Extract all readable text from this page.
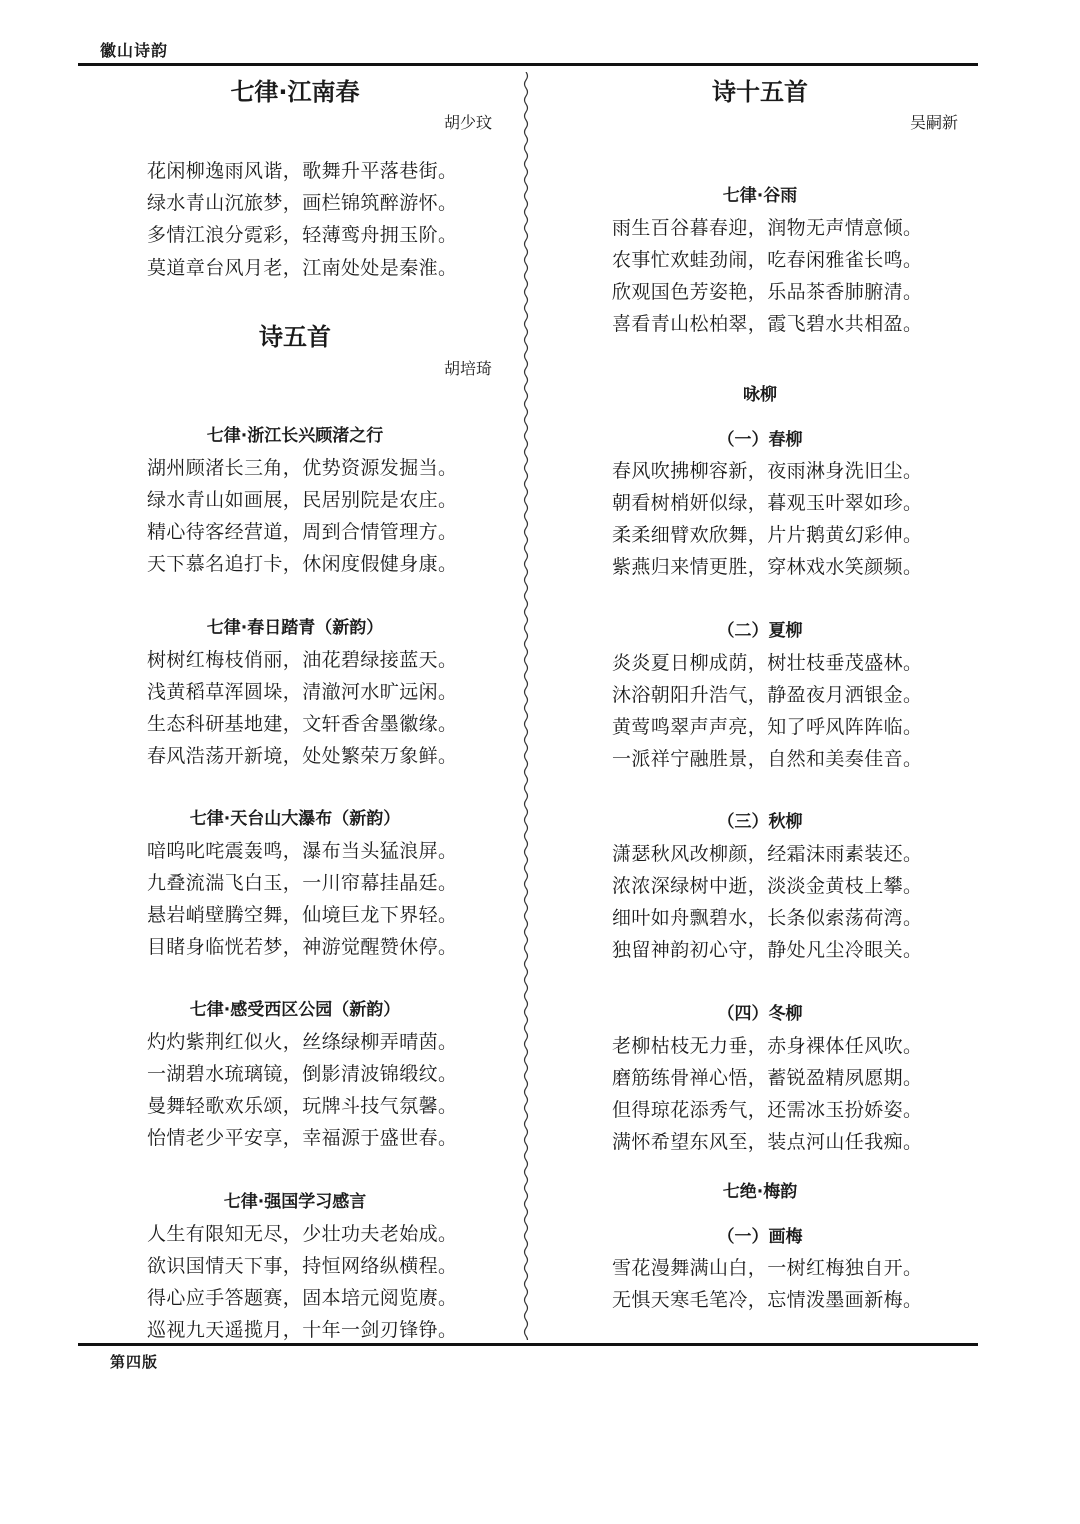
徽山诗韵
七律·江南春
胡少玟
花闲柳逸雨风谐，歌舞升平落巷街。
绿水青山沉旅梦，画栏锦筑醉游怀。
多情江浪分霓彩，轻薄鸾舟拥玉阶。
莫道章台风月老，江南处处是秦淮。
诗五首
胡培琦
七律·浙江长兴顾渚之行
湖州顾渚长三角，优势资源发掘当。
绿水青山如画展，民居别院是农庄。
精心待客经营道，周到合情管理方。
天下慕名追打卡，休闲度假健身康。
七律·春日踏青（新韵）
树树红梅枝俏丽，油花碧绿接蓝天。
浅黄稻草浑圆垛，清澈河水旷远闲。
生态科研基地建，文轩香舍墨徽缘。
春风浩荡开新境，处处繁荣万象鲜。
七律·天台山大瀑布（新韵）
喑呜叱咤震轰鸣，瀑布当头猛浪屏。
九叠流湍飞白玉，一川帘幕挂晶廷。
悬岩峭壁腾空舞，仙境巨龙下界轻。
目睹身临恍若梦，神游觉醒赞休停。
七律·感受西区公园（新韵）
灼灼紫荆红似火，丝绦绿柳弄晴茵。
一湖碧水琉璃镜，倒影清波锦缎纹。
曼舞轻歌欢乐颂，玩牌斗技气氛馨。
怡情老少平安享，幸福源于盛世春。
七律·强国学习感言
人生有限知无尽，少壮功夫老始成。
欲识国情天下事，持恒网络纵横程。
得心应手答题赛，固本培元阅览赓。
巡视九天遥揽月，十年一剑刃锋铮。
诗十五首
吴嗣新
七律·谷雨
雨生百谷暮春迎，润物无声情意倾。
农事忙欢蛙劲闹，吃春闲雅雀长鸣。
欣观国色芳姿艳，乐品茶香肺腑清。
喜看青山松柏翠，霞飞碧水共相盈。
咏柳
（一）春柳
春风吹拂柳容新，夜雨淋身洗旧尘。
朝看树梢妍似绿，暮观玉叶翠如珍。
柔柔细臂欢欣舞，片片鹅黄幻彩伸。
紫燕归来情更胜，穿林戏水笑颜频。
（二）夏柳
炎炎夏日柳成荫，树壮枝垂茂盛林。
沐浴朝阳升浩气，静盈夜月洒银金。
黄莺鸣翠声声亮，知了呼风阵阵临。
一派祥宁融胜景，自然和美奏佳音。
（三）秋柳
潇瑟秋风改柳颜，经霜沫雨素装还。
浓浓深绿树中逝，淡淡金黄枝上攀。
细叶如舟飘碧水，长条似索荡荷湾。
独留神韵初心守，静处凡尘冷眼关。
（四）冬柳
老柳枯枝无力垂，赤身裸体任风吹。
磨筋练骨禅心悟，蓄锐盈精夙愿期。
但得琼花添秀气，还需冰玉扮娇姿。
满怀希望东风至，装点河山任我痴。
七绝·梅韵
（一）画梅
雪花漫舞满山白，一树红梅独自开。
无惧天寒毛笔冷，忘情泼墨画新梅。
第四版
